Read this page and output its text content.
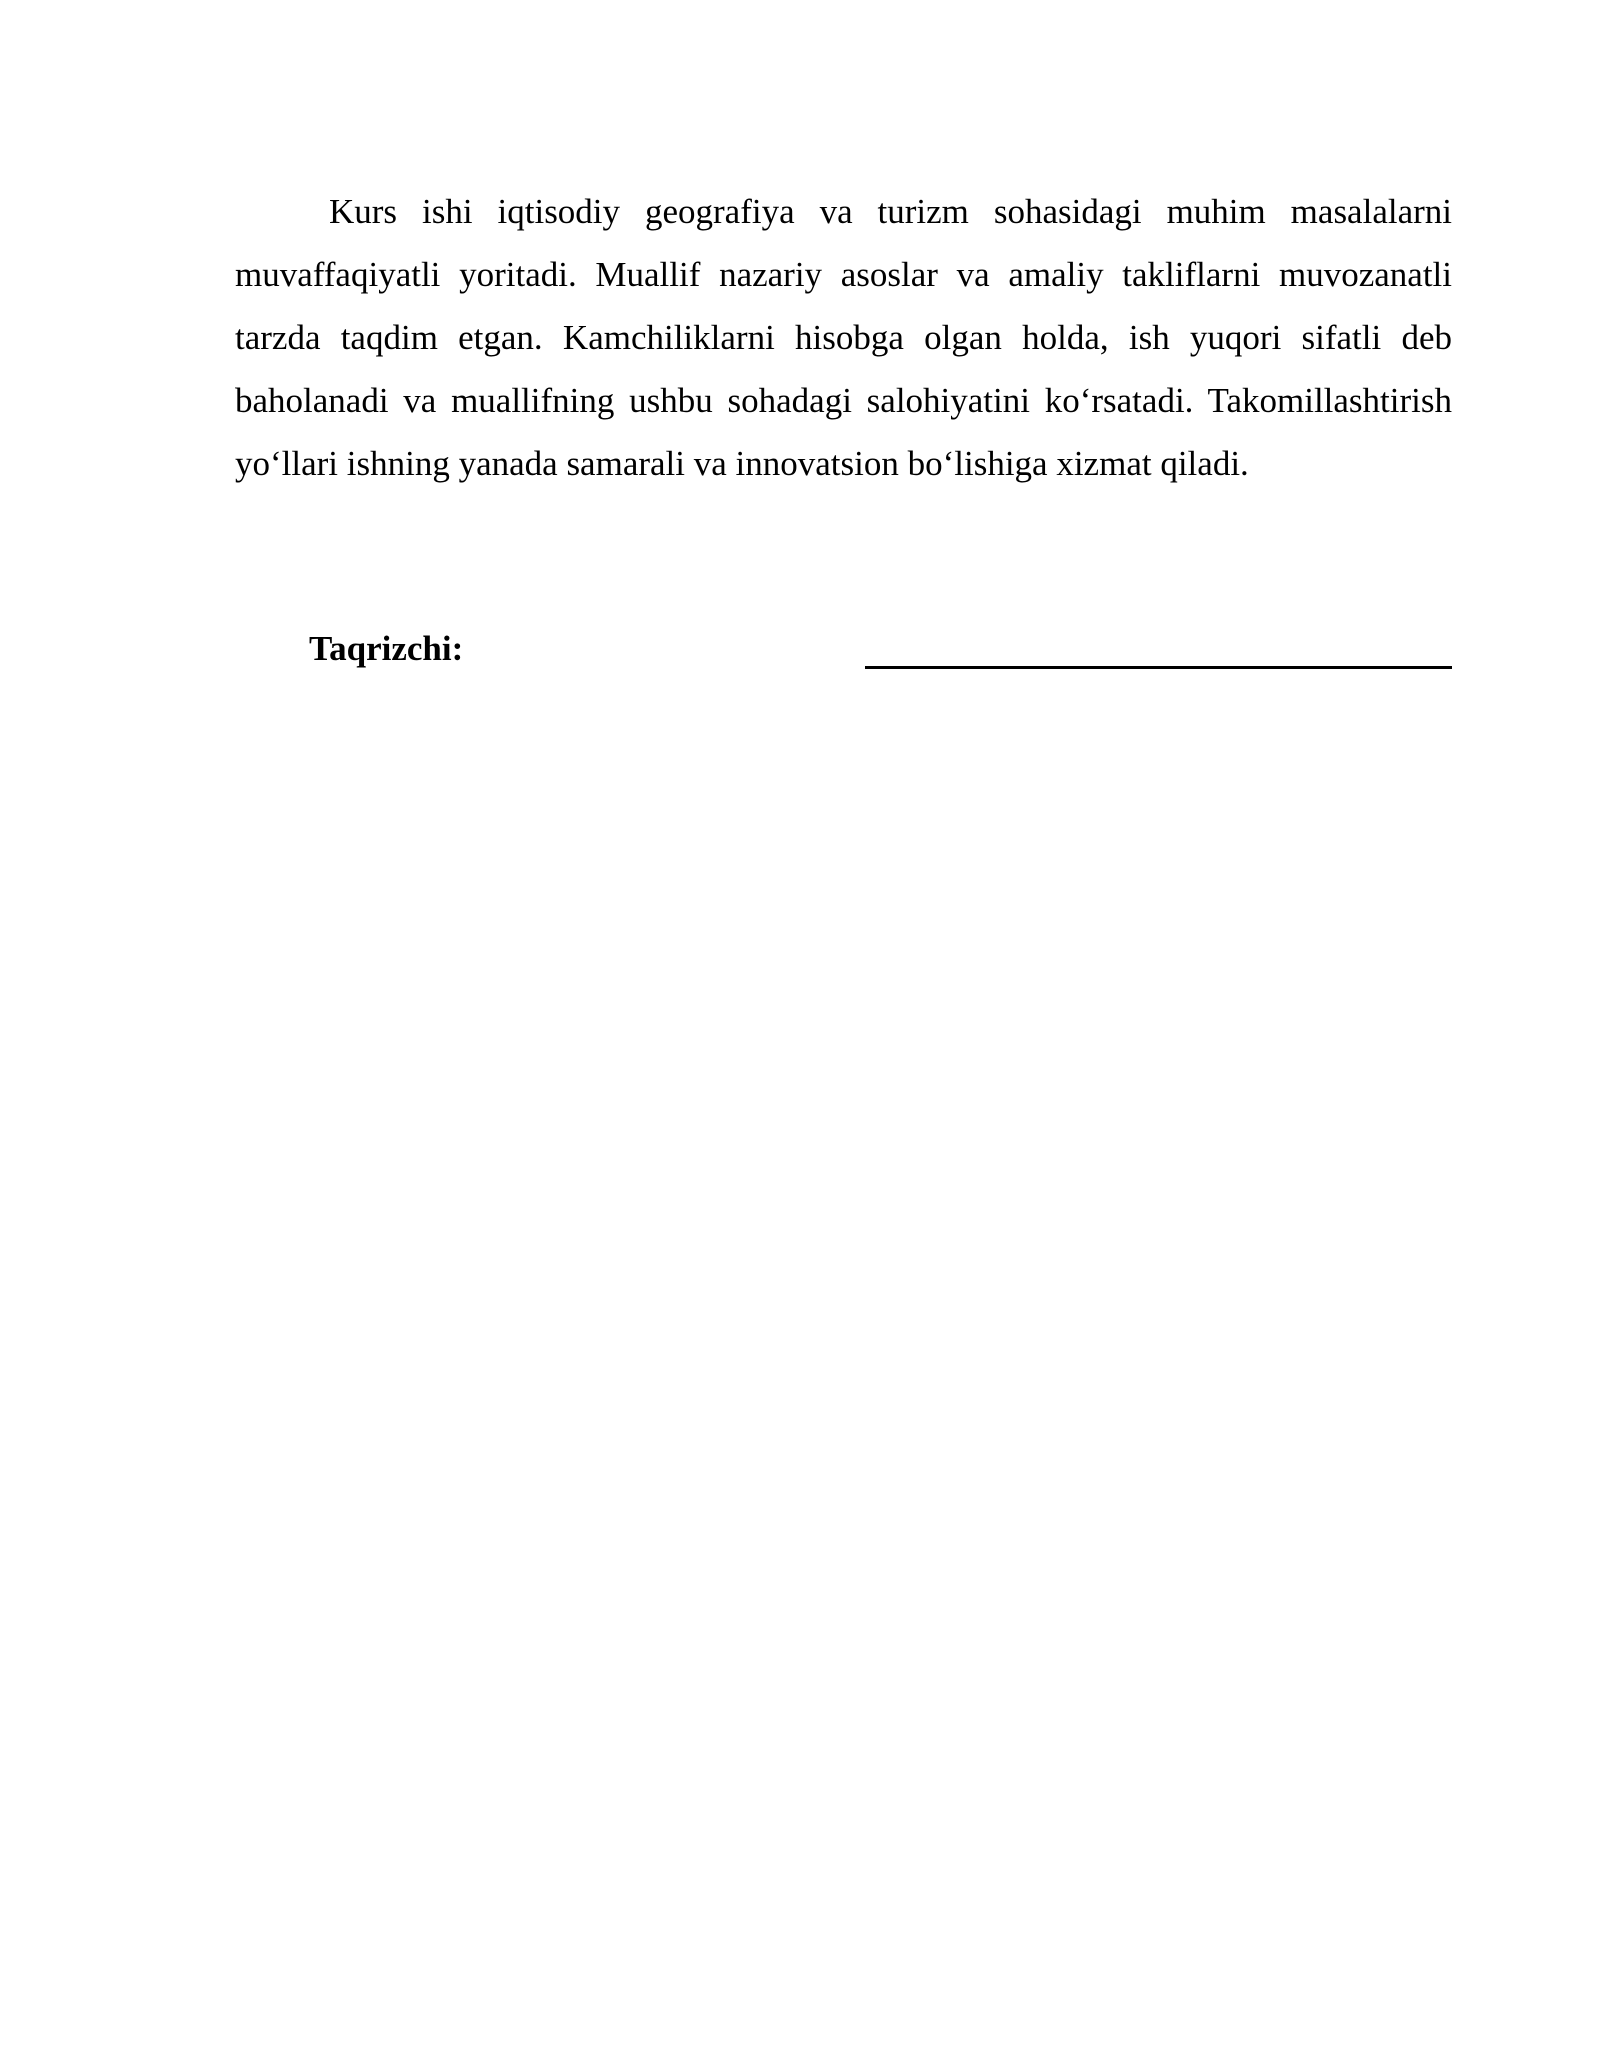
Kurs ishi iqtisodiy geografiya va turizm sohasidagi muhim masalalarni muvaffaqiyatli yoritadi. Muallif nazariy asoslar va amaliy takliflarni muvozanatli tarzda taqdim etgan. Kamchiliklarni hisobga olgan holda, ish yuqori sifatli deb baholanadi va muallifning ushbu sohadagi salohiyatini koʻrsatadi. Takomillashtirish yoʻllari ishning yanada samarali va innovatsion boʻlishiga xizmat qiladi.

Taqrizchi:
